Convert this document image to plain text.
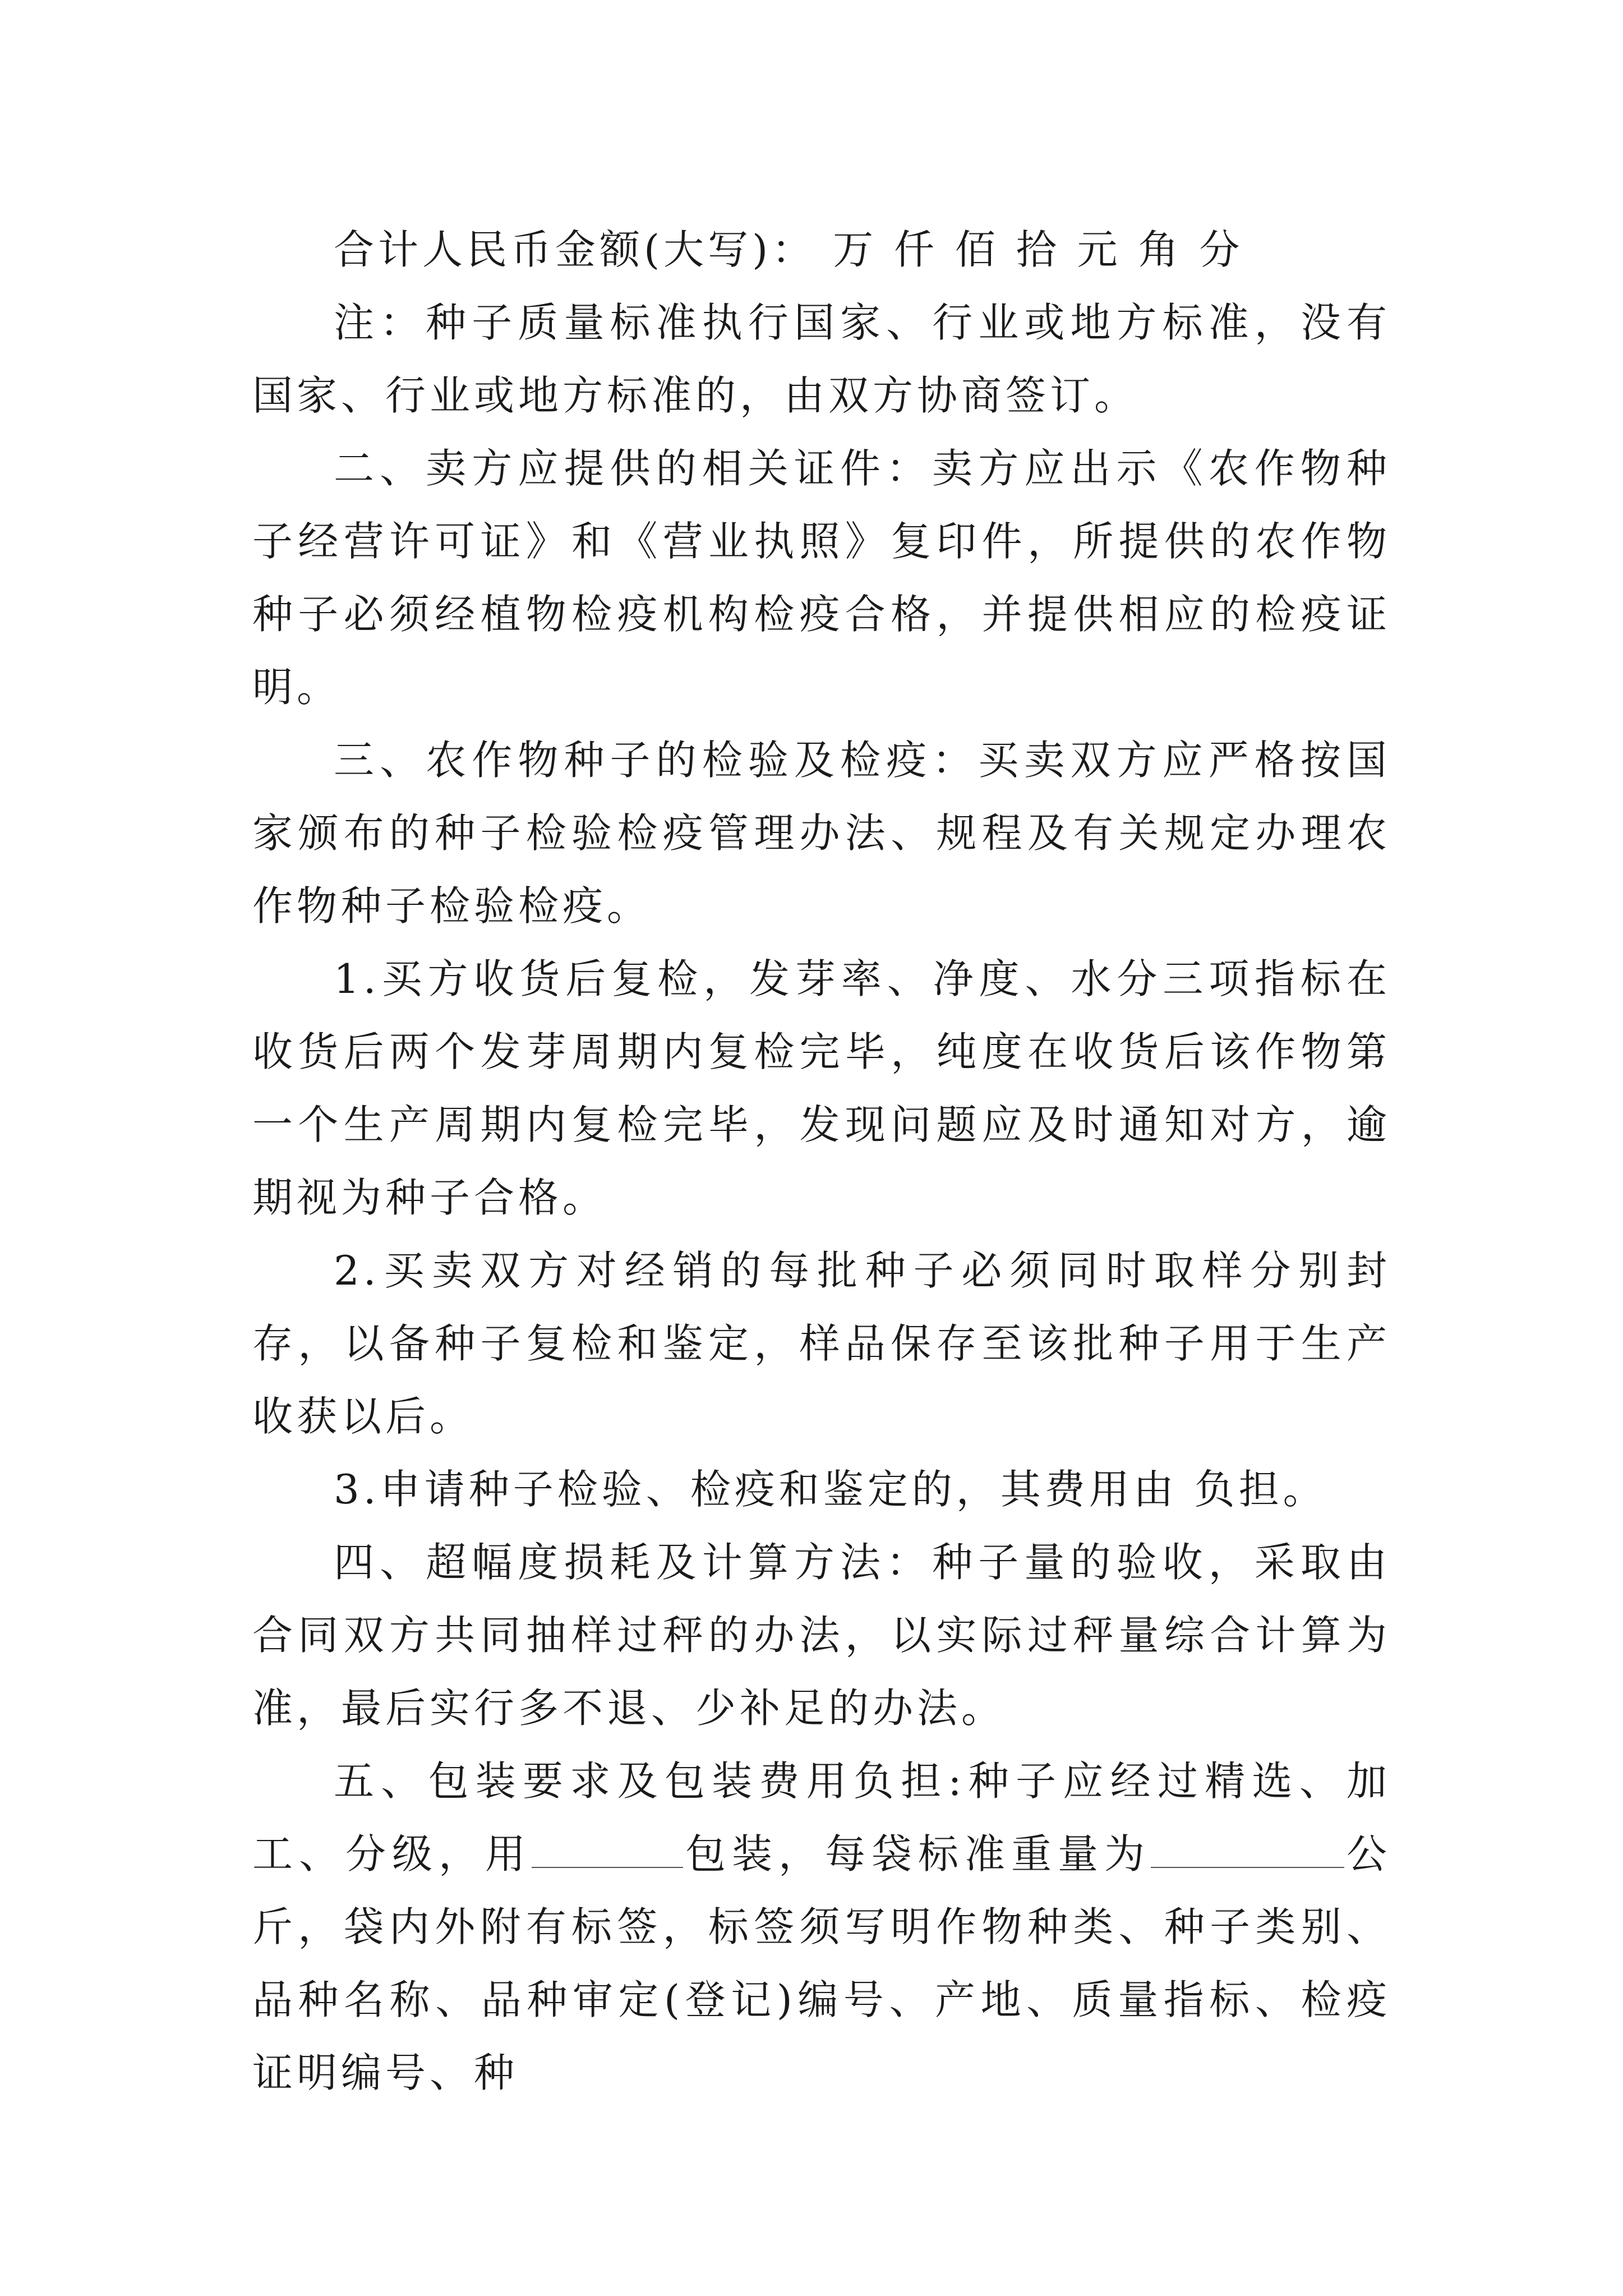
合计人民币金额(大写)： 万 仟 佰 拾 元 角 分

注：种子质量标准执行国家、行业或地方标准，没有国家、行业或地方标准的，由双方协商签订。

二、卖方应提供的相关证件：卖方应出示《农作物种子经营许可证》和《营业执照》复印件，所提供的农作物种子必须经植物检疫机构检疫合格，并提供相应的检疫证明。

三、农作物种子的检验及检疫：买卖双方应严格按国家颁布的种子检验检疫管理办法、规程及有关规定办理农作物种子检验检疫。

1.买方收货后复检，发芽率、净度、水分三项指标在收货后两个发芽周期内复检完毕，纯度在收货后该作物第一个生产周期内复检完毕，发现问题应及时通知对方，逾期视为种子合格。

2.买卖双方对经销的每批种子必须同时取样分别封存，以备种子复检和鉴定，样品保存至该批种子用于生产收获以后。

3.申请种子检验、检疫和鉴定的，其费用由 负担。

四、超幅度损耗及计算方法：种子量的验收，采取由合同双方共同抽样过秤的办法，以实际过秤量综合计算为准，最后实行多不退、少补足的办法。

五、包装要求及包装费用负担:种子应经过精选、加工、分级，用	包装，每袋标准重量为	公斤，袋内外附有标签，标签须写明作物种类、种子类别、品种名称、品种审定(登记)编号、产地、质量指标、检疫证明编号、种
